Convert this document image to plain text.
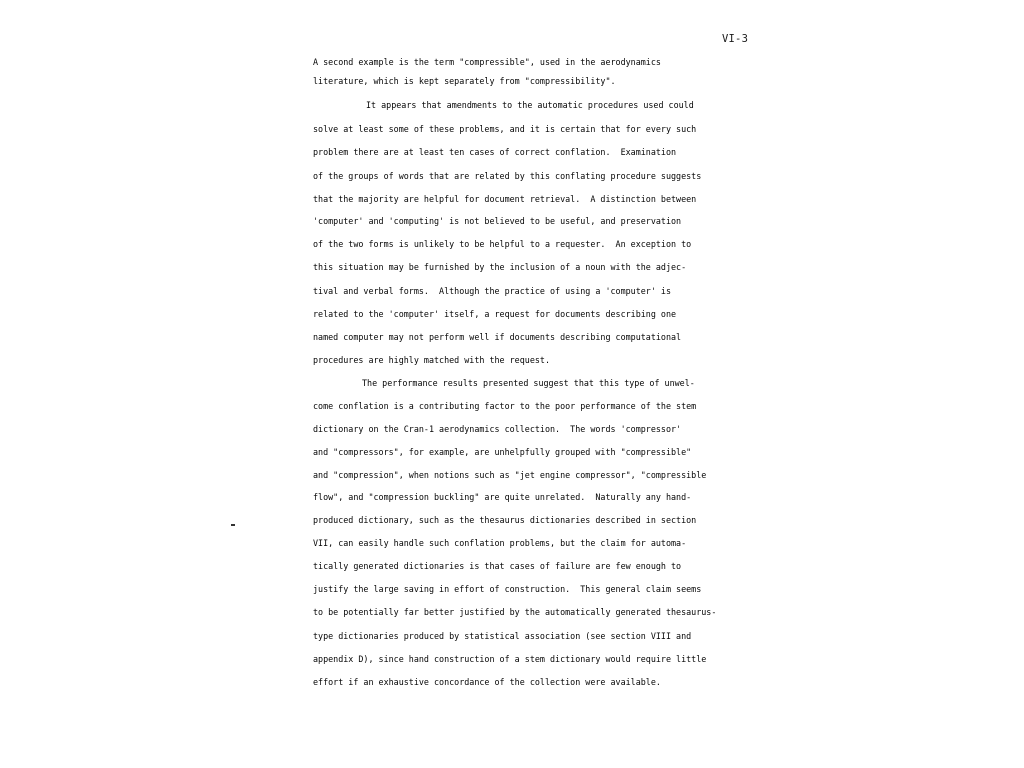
VI-3
A second example is the term "compressible", used in the aerodynamics
literature, which is kept separately from "compressibility".
It appears that amendments to the automatic procedures used could
solve at least some of these problems, and it is certain that for every such
problem there are at least ten cases of correct conflation.  Examination
of the groups of words that are related by this conflating procedure suggests
that the majority are helpful for document retrieval.  A distinction between
'computer' and 'computing' is not believed to be useful, and preservation
of the two forms is unlikely to be helpful to a requester.  An exception to
this situation may be furnished by the inclusion of a noun with the adjec-
tival and verbal forms.  Although the practice of using a 'computer' is
related to the 'computer' itself, a request for documents describing one
named computer may not perform well if documents describing computational
procedures are highly matched with the request.
The performance results presented suggest that this type of unwel-
come conflation is a contributing factor to the poor performance of the stem
dictionary on the Cran-1 aerodynamics collection.  The words 'compressor'
and "compressors", for example, are unhelpfully grouped with "compressible"
and "compression", when notions such as "jet engine compressor", "compressible
flow", and "compression buckling" are quite unrelated.  Naturally any hand-
produced dictionary, such as the thesaurus dictionaries described in section
VII, can easily handle such conflation problems, but the claim for automa-
tically generated dictionaries is that cases of failure are few enough to
justify the large saving in effort of construction.  This general claim seems
to be potentially far better justified by the automatically generated thesaurus-
type dictionaries produced by statistical association (see section VIII and
appendix D), since hand construction of a stem dictionary would require little
effort if an exhaustive concordance of the collection were available.
